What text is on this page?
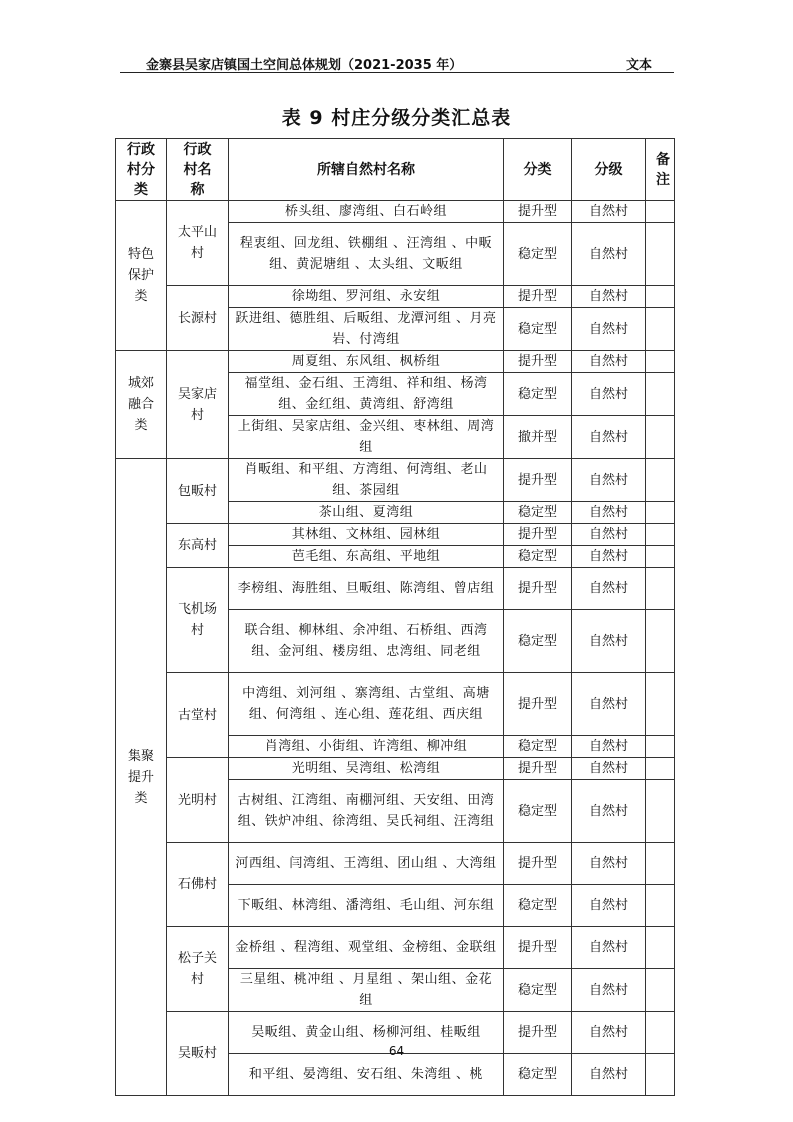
金寨县吴家店镇国土空间总体规划（2021-2035 年）	文本
表 9 村庄分级分类汇总表
行政村分类	行政村名称	所辖自然村名称	分类	分级	备注
特色保护类	太平山村	桥头组、廖湾组、白石岭组	提升型	自然村	
		程衷组、回龙组、铁棚组 、汪湾组 、中畈组、黄泥塘组 、太头组、文畈组	稳定型	自然村	
	长源村	徐坳组、罗河组、永安组	提升型	自然村	
		跃进组、德胜组、后畈组、龙潭河组 、月亮岩、付湾组	稳定型	自然村	
城郊融合类	吴家店村	周夏组、东风组、枫桥组	提升型	自然村	
		福堂组、金石组、王湾组、祥和组、杨湾组、金红组、黄湾组、舒湾组	稳定型	自然村	
		上街组、吴家店组、金兴组、枣林组、周湾组	撤并型	自然村	
集聚提升类	包畈村	肖畈组、和平组、方湾组、何湾组、老山组、茶园组	提升型	自然村	
		茶山组、夏湾组	稳定型	自然村	
	东高村	其林组、文林组、园林组	提升型	自然村	
		芭毛组、东高组、平地组	稳定型	自然村	
	飞机场村	李榜组、海胜组、旦畈组、陈湾组、曾店组	提升型	自然村	
		联合组、柳林组、余冲组、石桥组、西湾组、金河组、楼房组、忠湾组、同老组	稳定型	自然村	
	古堂村	中湾组、刘河组 、寨湾组、古堂组、高塘组、何湾组 、连心组、莲花组、西庆组	提升型	自然村	
		肖湾组、小街组、许湾组、柳冲组	稳定型	自然村	
	光明村	光明组、吴湾组、松湾组	提升型	自然村	
		古树组、江湾组、南棚河组、天安组、田湾组、铁炉冲组、徐湾组、吴氏祠组、汪湾组	稳定型	自然村	
	石佛村	河西组、闫湾组、王湾组、团山组 、大湾组	提升型	自然村	
		下畈组、林湾组、潘湾组、毛山组、河东组	稳定型	自然村	
	松子关村	金桥组 、程湾组、观堂组、金榜组、金联组	提升型	自然村	
		三星组、桃冲组 、月星组 、架山组、金花组	稳定型	自然村	
	吴畈村	吴畈组、黄金山组、杨柳河组、桂畈组	提升型	自然村	
		和平组、晏湾组、安石组、朱湾组 、桃	稳定型	自然村	
64
